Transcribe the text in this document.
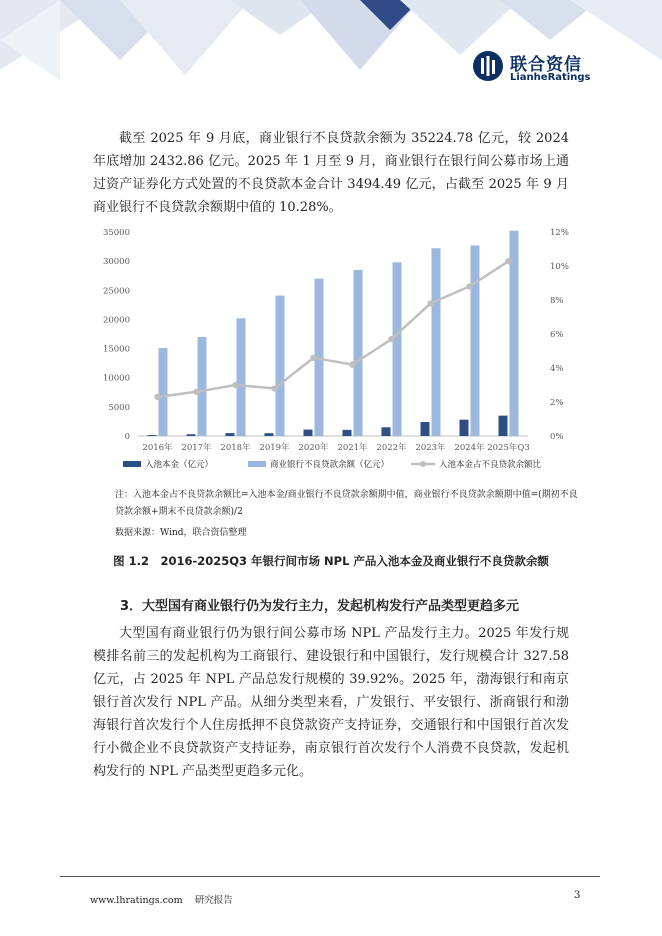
联合资信
LianheRatings

截至 2025 年 9 月底，商业银行不良贷款余额为 35224.78 亿元，较 2024 年底增加 2432.86 亿元。2025 年 1 月至 9 月，商业银行在银行间公募市场上通过资产证券化方式处置的不良贷款本金合计 3494.49 亿元，占截至 2025 年 9 月商业银行不良贷款余额期中值的 10.28%。

0
5000
10000
15000
20000
25000
30000
35000
0%
2%
4%
6%
8%
10%
12%
2016年 2017年 2018年 2019年 2020年 2021年 2022年 2023年 2024年 2025年Q3
入池本金（亿元）	商业银行不良贷款余额（亿元）	入池本金占不良贷款余额比

注：入池本金占不良贷款余额比=入池本金/商业银行不良贷款余额期中值，商业银行不良贷款余额期中值=(期初不良贷款余额+期末不良贷款余额)/2

数据来源：Wind，联合资信整理

图 1.2　2016-2025Q3 年银行间市场 NPL 产品入池本金及商业银行不良贷款余额
3．大型国有商业银行仍为发行主力，发起机构发行产品类型更趋多元

大型国有商业银行仍为银行间公募市场 NPL 产品发行主力。2025 年发行规模排名前三的发起机构为工商银行、建设银行和中国银行，发行规模合计 327.58 亿元，占 2025 年 NPL 产品总发行规模的 39.92%。2025 年，渤海银行和南京银行首次发行 NPL 产品。从细分类型来看，广发银行、平安银行、浙商银行和渤海银行首次发行个人住房抵押不良贷款资产支持证券，交通银行和中国银行首次发行小微企业不良贷款资产支持证券，南京银行首次发行个人消费不良贷款，发起机构发行的 NPL 产品类型更趋多元化。

www.lhratings.com 研究报告	3
